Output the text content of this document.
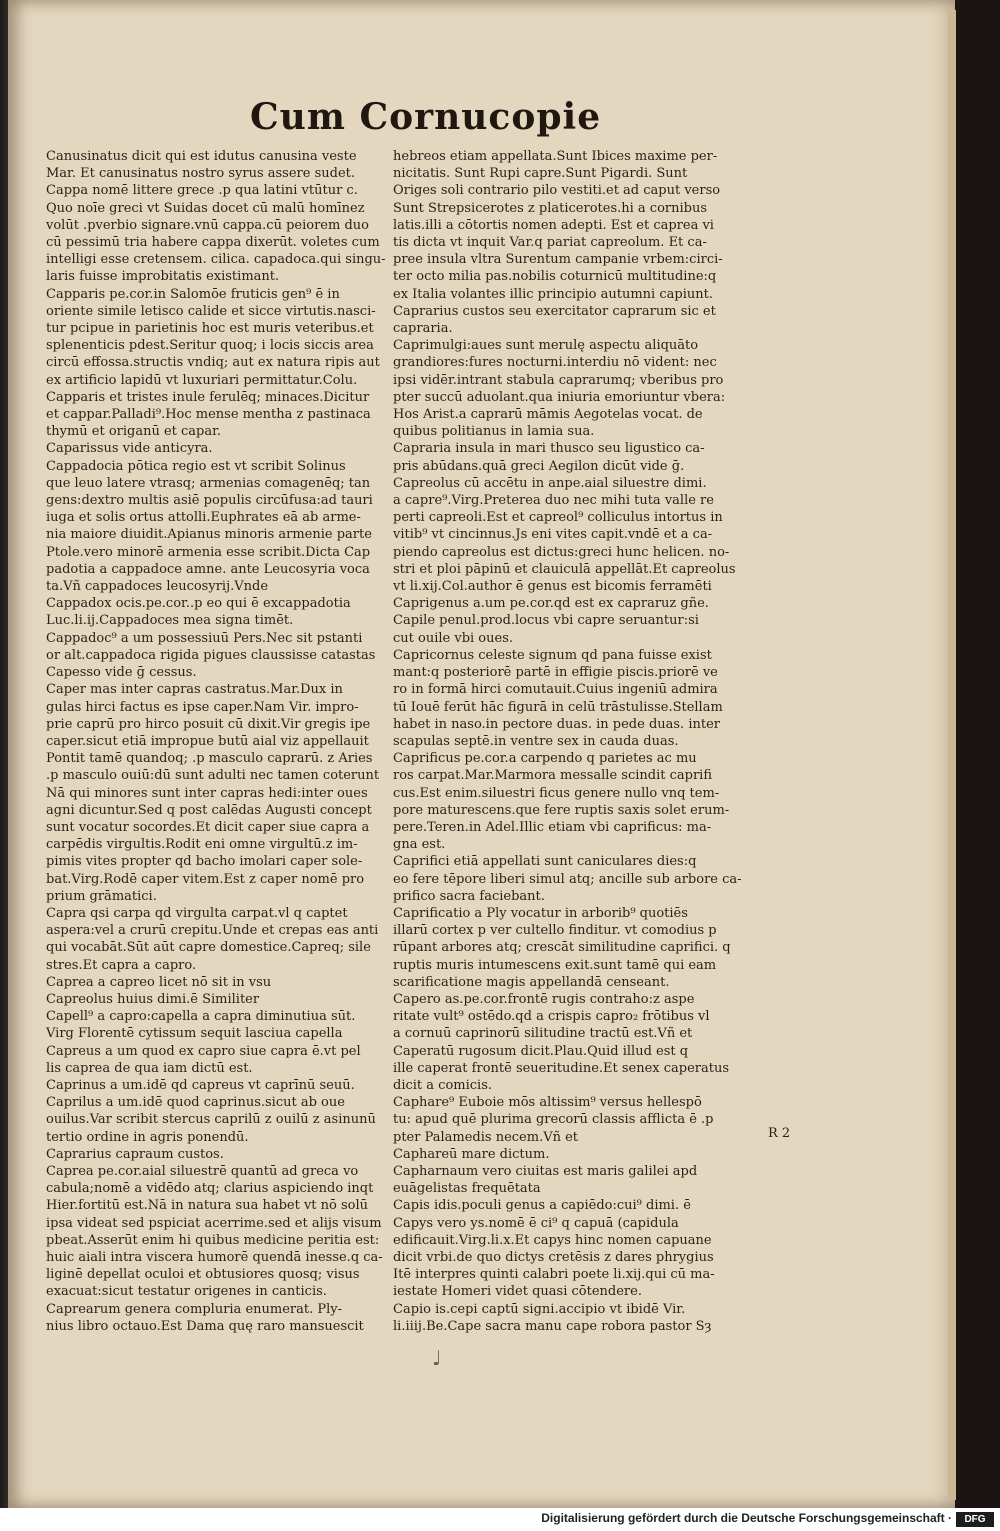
Cum Cornucopie
Canusinatus dicit qui est idutus canusina veste
Mar. Et canusinatus nostro syrus assere sudet.
Cappa nomē littere grece .p qua latini vtūtur c.
Quo noīe greci vt Suidas docet cū malū homīnez
volūt .pverbio signare.vnū cappa.cū peiorem duo
cū pessimū tria habere cappa dixerūt. voletes cum
intelligi esse cretensem. cilica. capadoca.qui singu-
laris fuisse improbitatis existimant.
Capparis pe.cor.in Salomōe fruticis gen⁹ ē in
oriente simile letisco calide et sicce virtutis.nasci-
tur pcipue in parietinis hoc est muris veteribus.et
splenenticis pdest.Seritur quoq; i locis siccis area
circū effossa.structis vndiq; aut ex natura ripis aut
ex artificio lapidū vt luxuriari permittatur.Colu.
Capparis et tristes inule ferulēq; minaces.Dicitur
et cappar.Palladi⁹.Hoc mense mentha z pastinaca
thymū et origanū et capar.
Caparissus vide anticyra.
Cappadocia pōtica regio est vt scribit Solinus
que leuo latere vtrasq; armenias comagenēq; tan
gens:dextro multis asiē populis circūfusa:ad tauri
iuga et solis ortus attolli.Euphrates eā ab arme-
nia maiore diuidit.Apianus minoris armenie parte
Ptole.vero minorē armenia esse scribit.Dicta Cap
padotia a cappadoce amne. ante Leucosyria voca
ta.Vñ cappadoces leucosyrij.Vnde
Cappadox ocis.pe.cor..p eo qui ē excappadotia
Luc.li.ij.Cappadoces mea signa timēt.
Cappadoc⁹ a um possessiuū Pers.Nec sit pstanti
or alt.cappadoca rigida pigues claussisse catastas
Capesso vide ḡ cessus.
Caper mas inter capras castratus.Mar.Dux in
gulas hirci factus es ipse caper.Nam Vir. impro-
prie caprū pro hirco posuit cū dixit.Vir gregis ipe
caper.sicut etiā impropue butū aial viz appellauit
Pontit tamē quandoq; .p masculo caprarū. z Aries
.p masculo ouiū:dū sunt adulti nec tamen coterunt
Nā qui minores sunt inter capras hedi:inter oues
agni dicuntur.Sed q post calēdas Augusti concept
sunt vocatur socordes.Et dicit caper siue capra a
carpēdis virgultis.Rodit eni omne virgultū.z im-
pimis vites propter qd bacho imolari caper sole-
bat.Virg.Rodē caper vitem.Est z caper nomē pro
prium grāmatici.
Capra qsi carpa qd virgulta carpat.vl q captet
aspera:vel a crurū crepitu.Unde et crepas eas anti
qui vocabāt.Sūt aūt capre domestice.Capreq; sile
stres.Et capra a capro.
Caprea a capreo licet nō sit in vsu
Capreolus huius dimi.ē Similiter
Capell⁹ a capro:capella a capra diminutiua sūt.
Virg Florentē cytissum sequit lasciua capella
Capreus a um quod ex capro siue capra ē.vt pel
lis caprea de qua iam dictū est.
Caprinus a um.idē qd capreus vt caprīnū seuū.
Caprilus a um.idē quod caprinus.sicut ab oue
ouilus.Var scribit stercus caprilū z ouilū z asinunū
tertio ordine in agris ponendū.
Caprarius capraum custos.
Caprea pe.cor.aial siluestrē quantū ad greca vo
cabula;nomē a vidēdo atq; clarius aspiciendo inqt
Hier.fortitū est.Nā in natura sua habet vt nō solū
ipsa videat sed pspiciat acerrime.sed et alijs visum
pbeat.Asserūt enim hi quibus medicine peritia est:
huic aiali intra viscera humorē quendā inesse.q ca-
liginē depellat oculoi et obtusiores quosq; visus
exacuat:sicut testatur origenes in canticis.
Caprearum genera compluria enumerat. Ply-
nius libro octauo.Est Dama quę raro mansuescit
hebreos etiam appellata.Sunt Ibices maxime per-
nicitatis. Sunt Rupi capre.Sunt Pigardi. Sunt
Origes soli contrario pilo vestiti.et ad caput verso
Sunt Strepsicerotes z platicerotes.hi a cornibus
latis.illi a cōtortis nomen adepti. Est et caprea vi
tis dicta vt inquit Var.q pariat capreolum. Et ca-
pree insula vltra Surentum campanie vrbem:circi-
ter octo milia pas.nobilis coturnicū multitudine:q
ex Italia volantes illic principio autumni capiunt.
Caprarius custos seu exercitator caprarum sic et
capraria.
Caprimulgi:aues sunt merulę aspectu aliquāto
grandiores:fures nocturni.interdiu nō vident: nec
ipsi vidēr.intrant stabula caprarumq; vberibus pro
pter succū aduolant.qua iniuria emoriuntur vbera:
Hos Arist.a caprarū māmis Aegotelas vocat. de
quibus politianus in lamia sua.
Capraria insula in mari thusco seu ligustico ca-
pris abūdans.quā greci Aegilon dicūt vide ḡ.
Capreolus cū accētu in anpe.aial siluestre dimi.
a capre⁹.Virg.Preterea duo nec mihi tuta valle re
perti capreoli.Est et capreol⁹ colliculus intortus in
vitib⁹ vt cincinnus.Js eni vites capit.vndē et a ca-
piendo capreolus est dictus:greci hunc helicen. no-
stri et ploi pāpinū et clauiculā appellāt.Et capreolus
vt li.xij.Col.author ē genus est bicomis ferramēti
Caprigenus a.um pe.cor.qd est ex capraruz gñe.
Capile penul.prod.locus vbi capre seruantur:si
cut ouile vbi oues.
Capricornus celeste signum qd pana fuisse exist
mant:q posteriorē partē in effigie piscis.priorē ve
ro in formā hirci comutauit.Cuius ingeniū admira
tū Iouē ferūt hāc figurā in celū trāstulisse.Stellam
habet in naso.in pectore duas. in pede duas. inter
scapulas septē.in ventre sex in cauda duas.
Caprificus pe.cor.a carpendo q parietes ac mu
ros carpat.Mar.Marmora messalle scindit caprifi
cus.Est enim.siluestri ficus genere nullo vnq tem-
pore maturescens.que fere ruptis saxis solet erum-
pere.Teren.in Adel.Illic etiam vbi caprificus: ma-
gna est.
Caprifici etiā appellati sunt caniculares dies:q
eo fere tēpore liberi simul atq; ancille sub arbore ca-
prifico sacra faciebant.
Caprificatio a Ply vocatur in arborib⁹ quotiēs
illarū cortex p ver cultello finditur. vt comodius p
rūpant arbores atq; crescāt similitudine caprifici. q
ruptis muris intumescens exit.sunt tamē qui eam
scarificatione magis appellandā censeant.
Capero as.pe.cor.frontē rugis contraho:z aspe
ritate vult⁹ ostēdo.qd a crispis capro₂ frōtibus vl
a cornuū caprinorū silitudine tractū est.Vñ et
Caperatū rugosum dicit.Plau.Quid illud est q
ille caperat frontē seueritudine.Et senex caperatus
dicit a comicis.
Caphare⁹ Euboie mōs altissim⁹ versus hellespō
tu: apud quē plurima grecorū classis afflicta ē .p
pter Palamedis necem.Vñ et
Caphareū mare dictum.
Capharnaum vero ciuitas est maris galilei apd
euāgelistas frequētata
Capis idis.poculi genus a capiēdo:cui⁹ dimi. ē
Capys vero ys.nomē ē ci⁹ q capuā (capidula
edificauit.Virg.li.x.Et capys hinc nomen capuane
dicit vrbi.de quo dictys cretēsis z dares phrygius
Itē interpres quinti calabri poete li.xij.qui cū ma-
iestate Homeri videt quasi cōtendere.
Capio is.cepi captū signi.accipio vt ibidē Vir.
li.iiij.Be.Cape sacra manu cape robora pastor Sȝ
R 2
♩
Digitalisierung gefördert durch die Deutsche Forschungsgemeinschaft ·	DFG
